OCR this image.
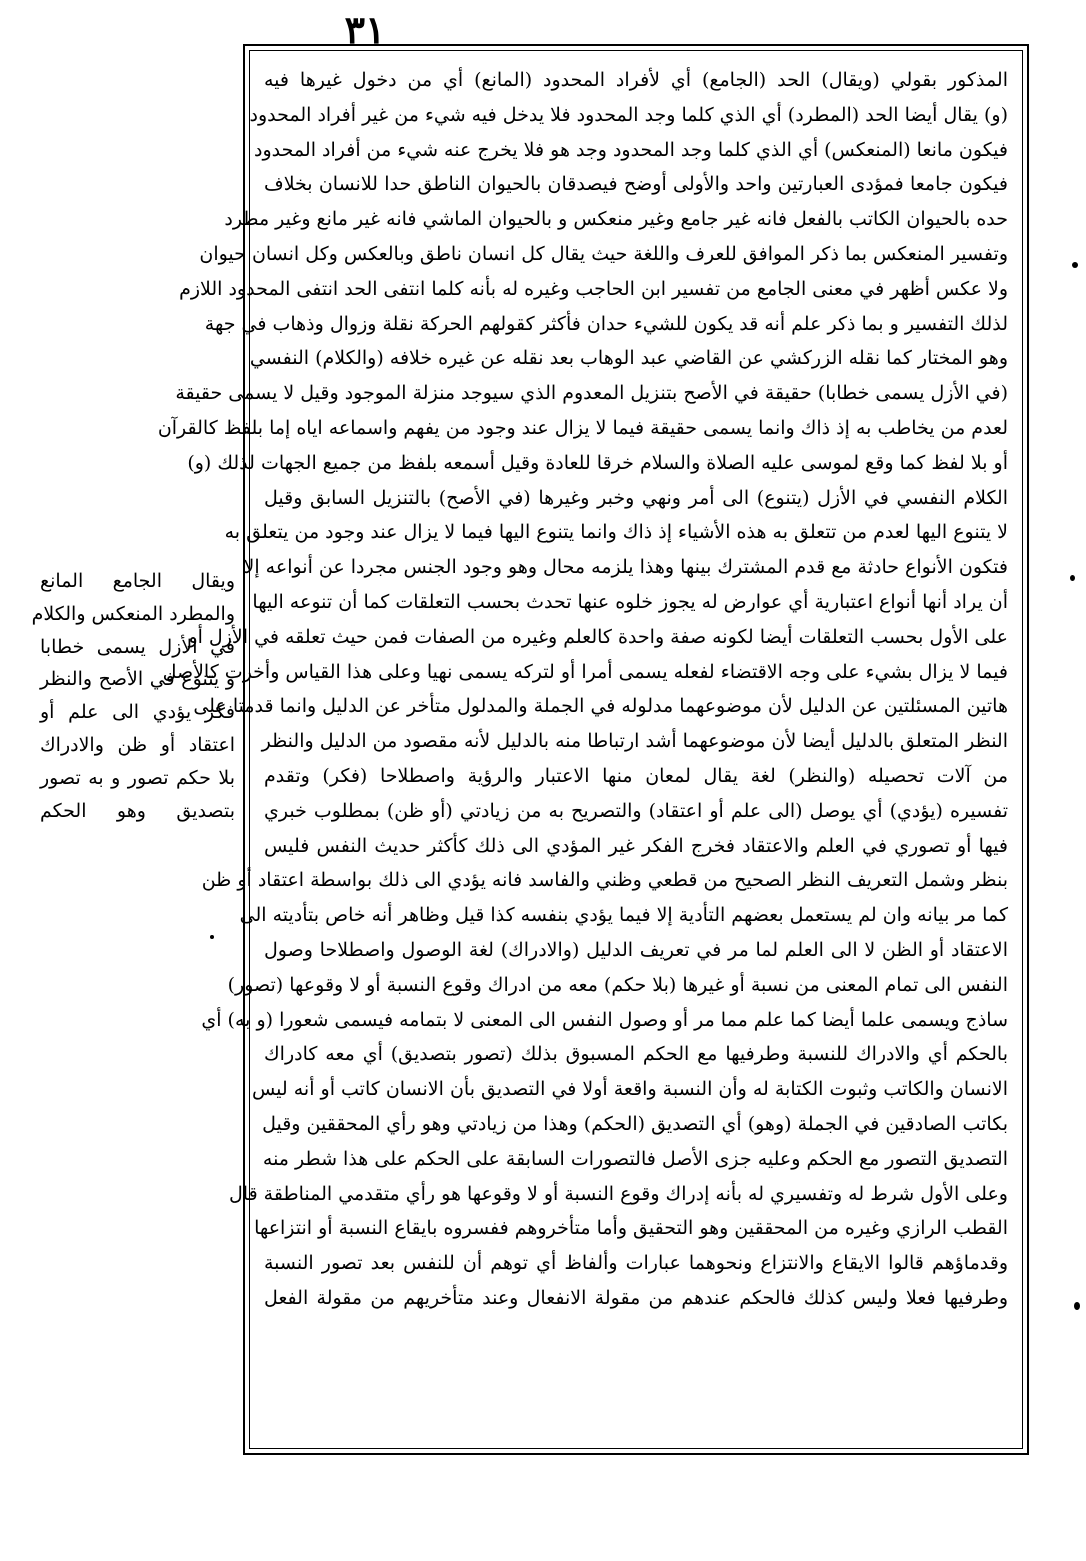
٣١
المذكور بقولي (ويقال) الحد (الجامع) أي لأفراد المحدود (المانع) أي من دخول غيرها فيه
(و) يقال أيضا الحد (المطرد) أي الذي كلما وجد المحدود فلا يدخل فيه شيء من غير أفراد المحدود
فيكون مانعا (المنعكس) أي الذي كلما وجد المحدود وجد هو فلا يخرج عنه شيء من أفراد المحدود
فيكون جامعا فمؤدى العبارتين واحد والأولى أوضح فيصدقان بالحيوان الناطق حدا للانسان بخلاف
حده بالحيوان الكاتب بالفعل فانه غير جامع وغير منعكس و بالحيوان الماشي فانه غير مانع وغير مطرد
وتفسير المنعكس بما ذكر الموافق للعرف واللغة حيث يقال كل انسان ناطق وبالعكس وكل انسان حيوان
ولا عكس أظهر في معنى الجامع من تفسير ابن الحاجب وغيره له بأنه كلما انتفى الحد انتفى المحدود اللازم
لذلك التفسير و بما ذكر علم أنه قد يكون للشيء حدان فأكثر كقولهم الحركة نقلة وزوال وذهاب في جهة
وهو المختار كما نقله الزركشي عن القاضي عبد الوهاب بعد نقله عن غيره خلافه (والكلام) النفسي
(في الأزل يسمى خطابا) حقيقة في الأصح بتنزيل المعدوم الذي سيوجد منزلة الموجود وقيل لا يسمى حقيقة
لعدم من يخاطب به إذ ذاك وانما يسمى حقيقة فيما لا يزال عند وجود من يفهم واسماعه اياه إما بلفظ كالقرآن
أو بلا لفظ كما وقع لموسى عليه الصلاة والسلام خرقا للعادة وقيل أسمعه بلفظ من جميع الجهات لذلك (و)
الكلام النفسي في الأزل (يتنوع) الى أمر ونهي وخبر وغيرها (في الأصح) بالتنزيل السابق وقيل
لا يتنوع اليها لعدم من تتعلق به هذه الأشياء إذ ذاك وانما يتنوع اليها فيما لا يزال عند وجود من يتعلق به
فتكون الأنواع حادثة مع قدم المشترك بينها وهذا يلزمه محال وهو وجود الجنس مجردا عن أنواعه إلا
أن يراد أنها أنواع اعتبارية أي عوارض له يجوز خلوه عنها تحدث بحسب التعلقات كما أن تنوعه اليها
على الأول بحسب التعلقات أيضا لكونه صفة واحدة كالعلم وغيره من الصفات فمن حيث تعلقه في الأزل أو
فيما لا يزال بشيء على وجه الاقتضاء لفعله يسمى أمرا أو لتركه يسمى نهيا وعلى هذا القياس وأخرت كالأصل
هاتين المسئلتين عن الدليل لأن موضوعهما مدلوله في الجملة والمدلول متأخر عن الدليل وانما قدمتا على
النظر المتعلق بالدليل أيضا لأن موضوعهما أشد ارتباطا منه بالدليل لأنه مقصود من الدليل والنظر
من آلات تحصيله (والنظر) لغة يقال لمعان منها الاعتبار والرؤية واصطلاحا (فكر) وتقدم
تفسيره (يؤدي) أي يوصل (الى علم أو اعتقاد) والتصريح به من زيادتي (أو ظن) بمطلوب خبري
فيها أو تصوري في العلم والاعتقاد فخرج الفكر غير المؤدي الى ذلك كأكثر حديث النفس فليس
بنظر وشمل التعريف النظر الصحيح من قطعي وظني والفاسد فانه يؤدي الى ذلك بواسطة اعتقاد أو ظن
كما مر بيانه وان لم يستعمل بعضهم التأدية إلا فيما يؤدي بنفسه كذا قيل وظاهر أنه خاص بتأديته الى
الاعتقاد أو الظن لا الى العلم لما مر في تعريف الدليل (والادراك) لغة الوصول واصطلاحا وصول
النفس الى تمام المعنى من نسبة أو غيرها (بلا حكم) معه من ادراك وقوع النسبة أو لا وقوعها (تصور)
ساذج ويسمى علما أيضا كما علم مما مر أو وصول النفس الى المعنى لا بتمامه فيسمى شعورا (و به) أي
بالحكم أي والادراك للنسبة وطرفيها مع الحكم المسبوق بذلك (تصور بتصديق) أي معه كادراك
الانسان والكاتب وثبوت الكتابة له وأن النسبة واقعة أولا في التصديق بأن الانسان كاتب أو أنه ليس
بكاتب الصادقين في الجملة (وهو) أي التصديق (الحكم) وهذا من زيادتي وهو رأي المحققين وقيل
التصديق التصور مع الحكم وعليه جزى الأصل فالتصورات السابقة على الحكم على هذا شطر منه
وعلى الأول شرط له وتفسيري له بأنه إدراك وقوع النسبة أو لا وقوعها هو رأي متقدمي المناطقة قال
القطب الرازي وغيره من المحققين وهو التحقيق وأما متأخروهم ففسروه بايقاع النسبة أو انتزاعها
وقدماؤهم قالوا الايقاع والانتزاع ونحوهما عبارات وألفاظ أي توهم أن للنفس بعد تصور النسبة
وطرفيها فعلا وليس كذلك فالحكم عندهم من مقولة الانفعال وعند متأخريهم من مقولة الفعل
ويقال الجامع المانع
والمطرد المنعكس والكلام
في الأزل يسمى خطابا
و يتنوع في الأصح والنظر
فكر يؤدي الى علم أو
اعتقاد أو ظن والادراك
بلا حكم تصور و به تصور
بتصديق وهو الحكم
